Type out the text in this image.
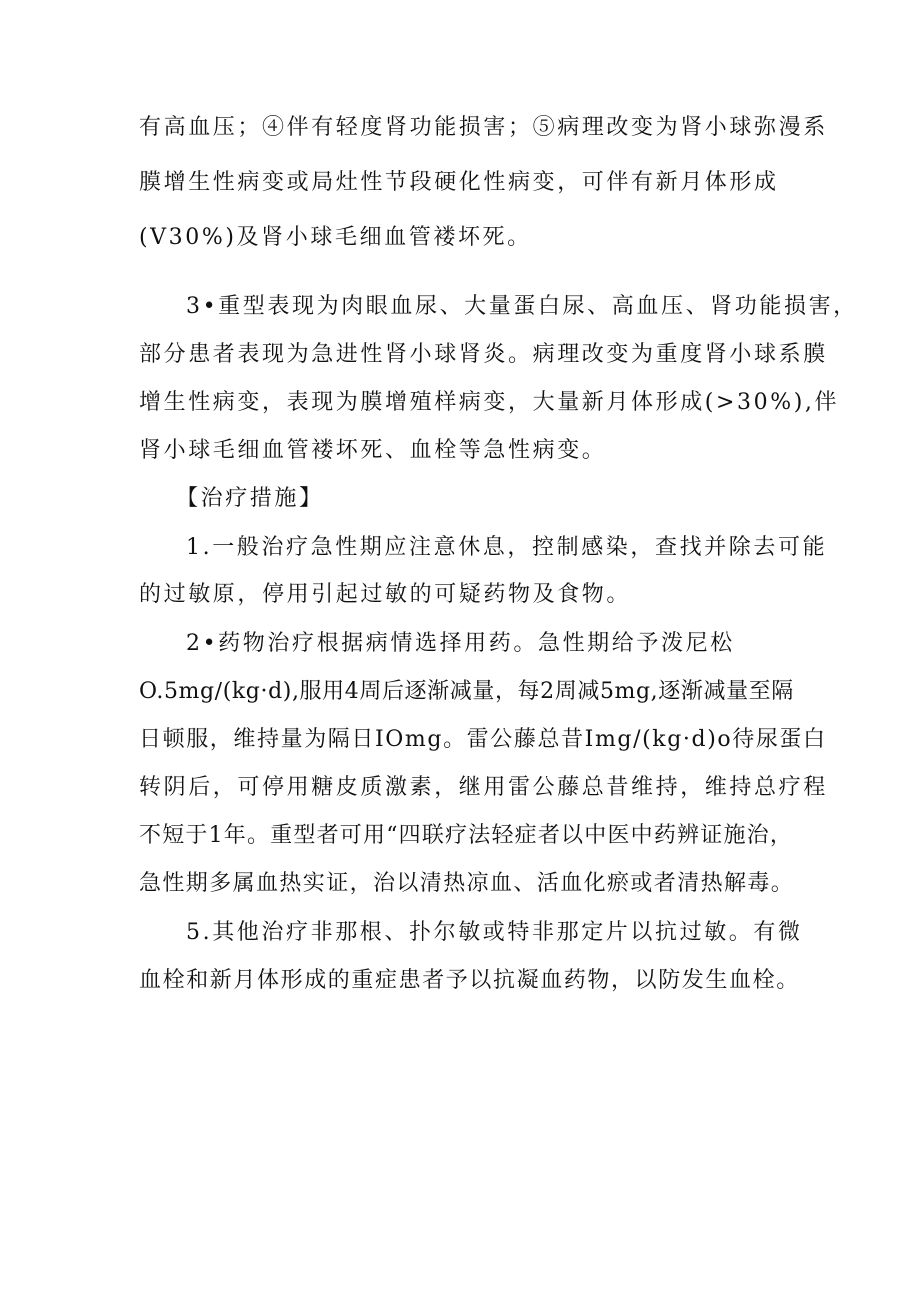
有高血压；④伴有轻度肾功能损害；⑤病理改变为肾小球弥漫系
膜增生性病变或局灶性节段硬化性病变，可伴有新月体形成
(V30%)及肾小球毛细血管褛坏死。
3•重型表现为肉眼血尿、大量蛋白尿、高血压、肾功能损害，
部分患者表现为急进性肾小球肾炎。病理改变为重度肾小球系膜
增生性病变，表现为膜增殖样病变，大量新月体形成(>30%),伴
肾小球毛细血管褛坏死、血栓等急性病变。
【治疗措施】
1.一般治疗急性期应注意休息，控制感染，查找并除去可能
的过敏原，停用引起过敏的可疑药物及食物。
2•药物治疗根据病情选择用药。急性期给予泼尼松
O.5mg∕(kg·d),服用4周后逐渐减量，每2周减5mg,逐渐减量至隔
日顿服，维持量为隔日IOmg。雷公藤总昔Img/(kg·d)o待尿蛋白
转阴后，可停用糖皮质激素，继用雷公藤总昔维持，维持总疗程
不短于1年。重型者可用“四联疗法轻症者以中医中药辨证施治，
急性期多属血热实证，治以清热凉血、活血化瘀或者清热解毒。
5.其他治疗非那根、扑尔敏或特非那定片以抗过敏。有微
血栓和新月体形成的重症患者予以抗凝血药物，以防发生血栓。
